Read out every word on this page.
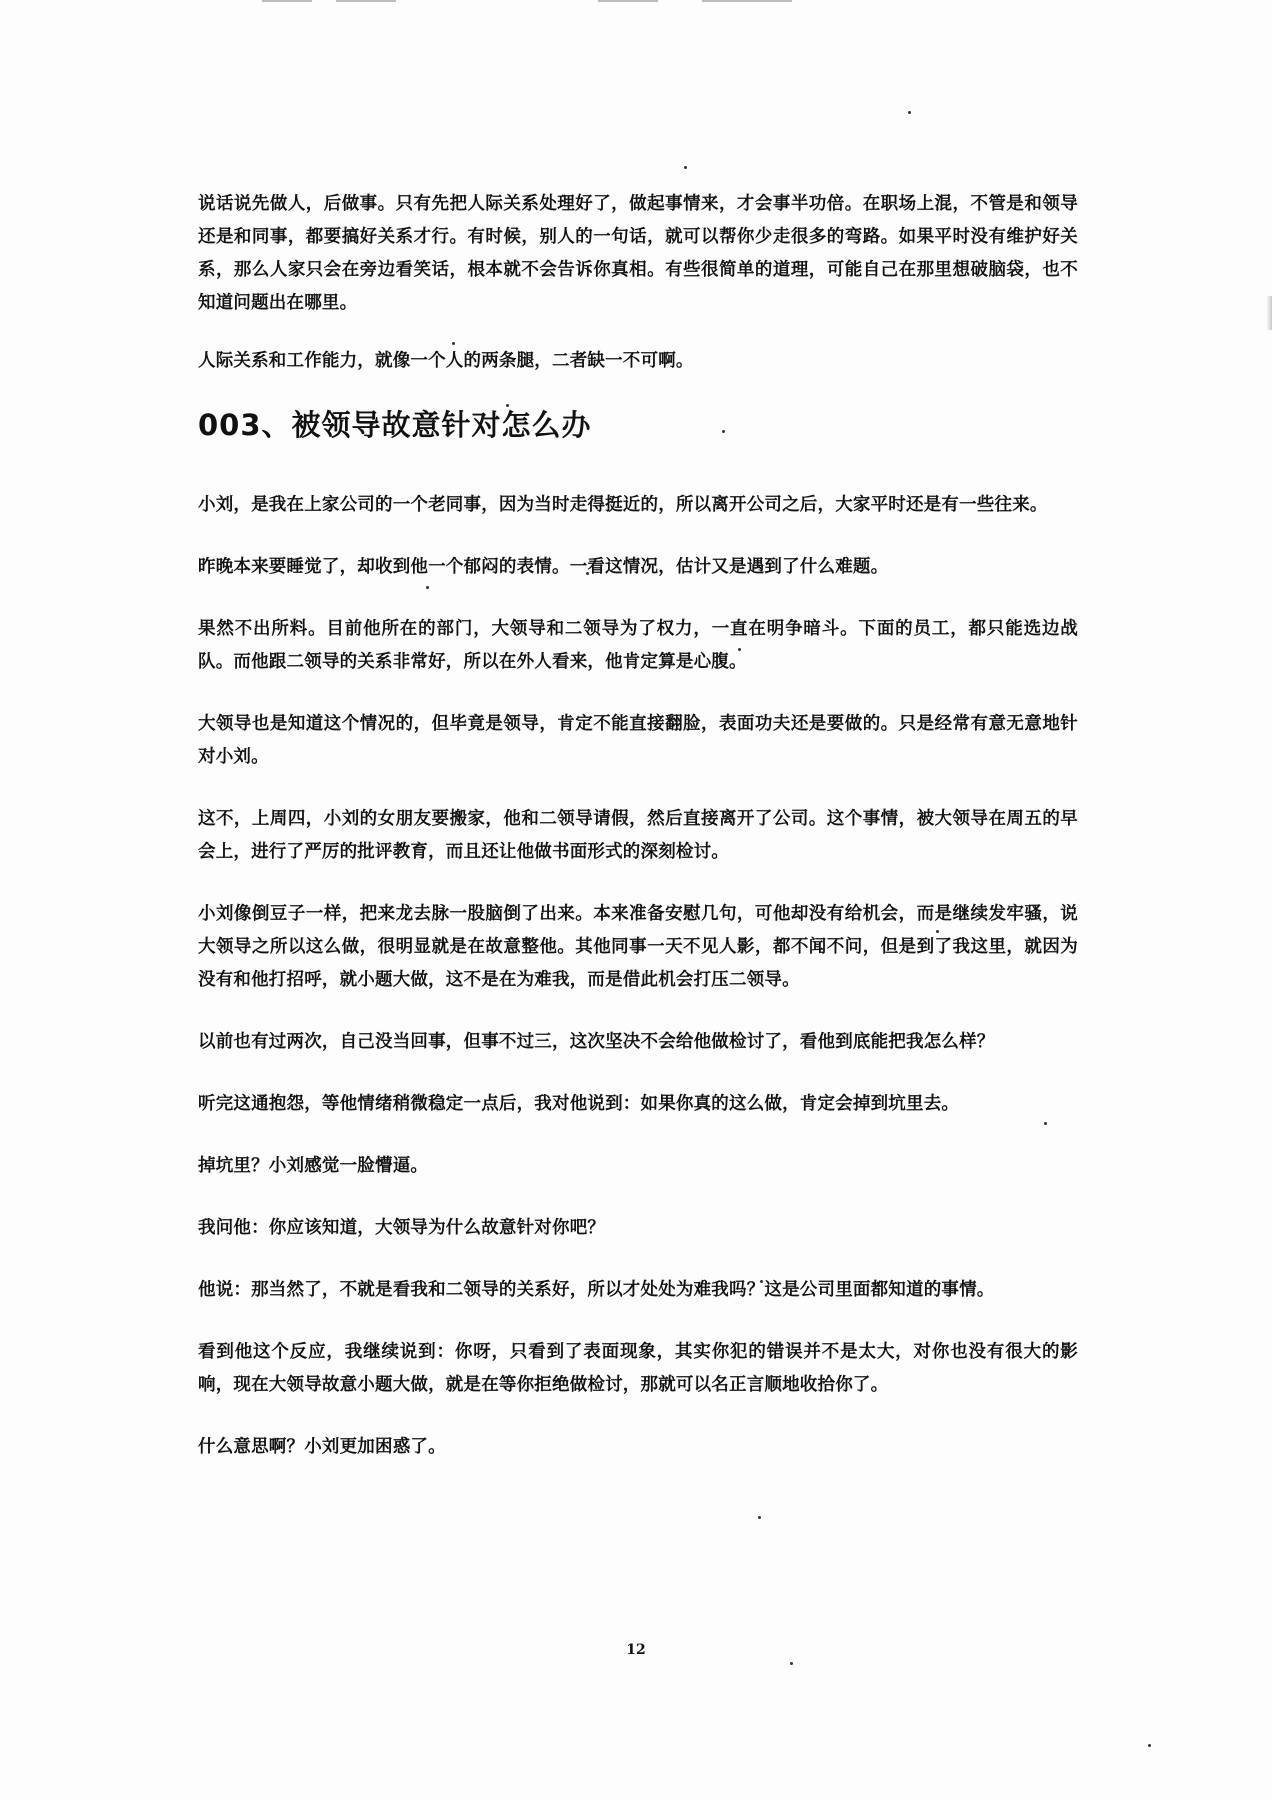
说话说先做人，后做事。只有先把人际关系处理好了，做起事情来，才会事半功倍。在职场上混，不管是和领导还是和同事，都要搞好关系才行。有时候，别人的一句话，就可以帮你少走很多的弯路。如果平时没有维护好关系，那么人家只会在旁边看笑话，根本就不会告诉你真相。有些很简单的道理，可能自己在那里想破脑袋，也不知道问题出在哪里。

人际关系和工作能力，就像一个人的两条腿，二者缺一不可啊。

003、被领导故意针对怎么办

小刘，是我在上家公司的一个老同事，因为当时走得挺近的，所以离开公司之后，大家平时还是有一些往来。

昨晚本来要睡觉了，却收到他一个郁闷的表情。一看这情况，估计又是遇到了什么难题。

果然不出所料。目前他所在的部门，大领导和二领导为了权力，一直在明争暗斗。下面的员工，都只能选边战队。而他跟二领导的关系非常好，所以在外人看来，他肯定算是心腹。

大领导也是知道这个情况的，但毕竟是领导，肯定不能直接翻脸，表面功夫还是要做的。只是经常有意无意地针对小刘。

这不，上周四，小刘的女朋友要搬家，他和二领导请假，然后直接离开了公司。这个事情，被大领导在周五的早会上，进行了严厉的批评教育，而且还让他做书面形式的深刻检讨。

小刘像倒豆子一样，把来龙去脉一股脑倒了出来。本来准备安慰几句，可他却没有给机会，而是继续发牢骚，说大领导之所以这么做，很明显就是在故意整他。其他同事一天不见人影，都不闻不问，但是到了我这里，就因为没有和他打招呼，就小题大做，这不是在为难我，而是借此机会打压二领导。

以前也有过两次，自己没当回事，但事不过三，这次坚决不会给他做检讨了，看他到底能把我怎么样？

听完这通抱怨，等他情绪稍微稳定一点后，我对他说到：如果你真的这么做，肯定会掉到坑里去。

掉坑里？小刘感觉一脸懵逼。

我问他：你应该知道，大领导为什么故意针对你吧？

他说：那当然了，不就是看我和二领导的关系好，所以才处处为难我吗？这是公司里面都知道的事情。

看到他这个反应，我继续说到：你呀，只看到了表面现象，其实你犯的错误并不是太大，对你也没有很大的影响，现在大领导故意小题大做，就是在等你拒绝做检讨，那就可以名正言顺地收拾你了。

什么意思啊？小刘更加困惑了。

12
